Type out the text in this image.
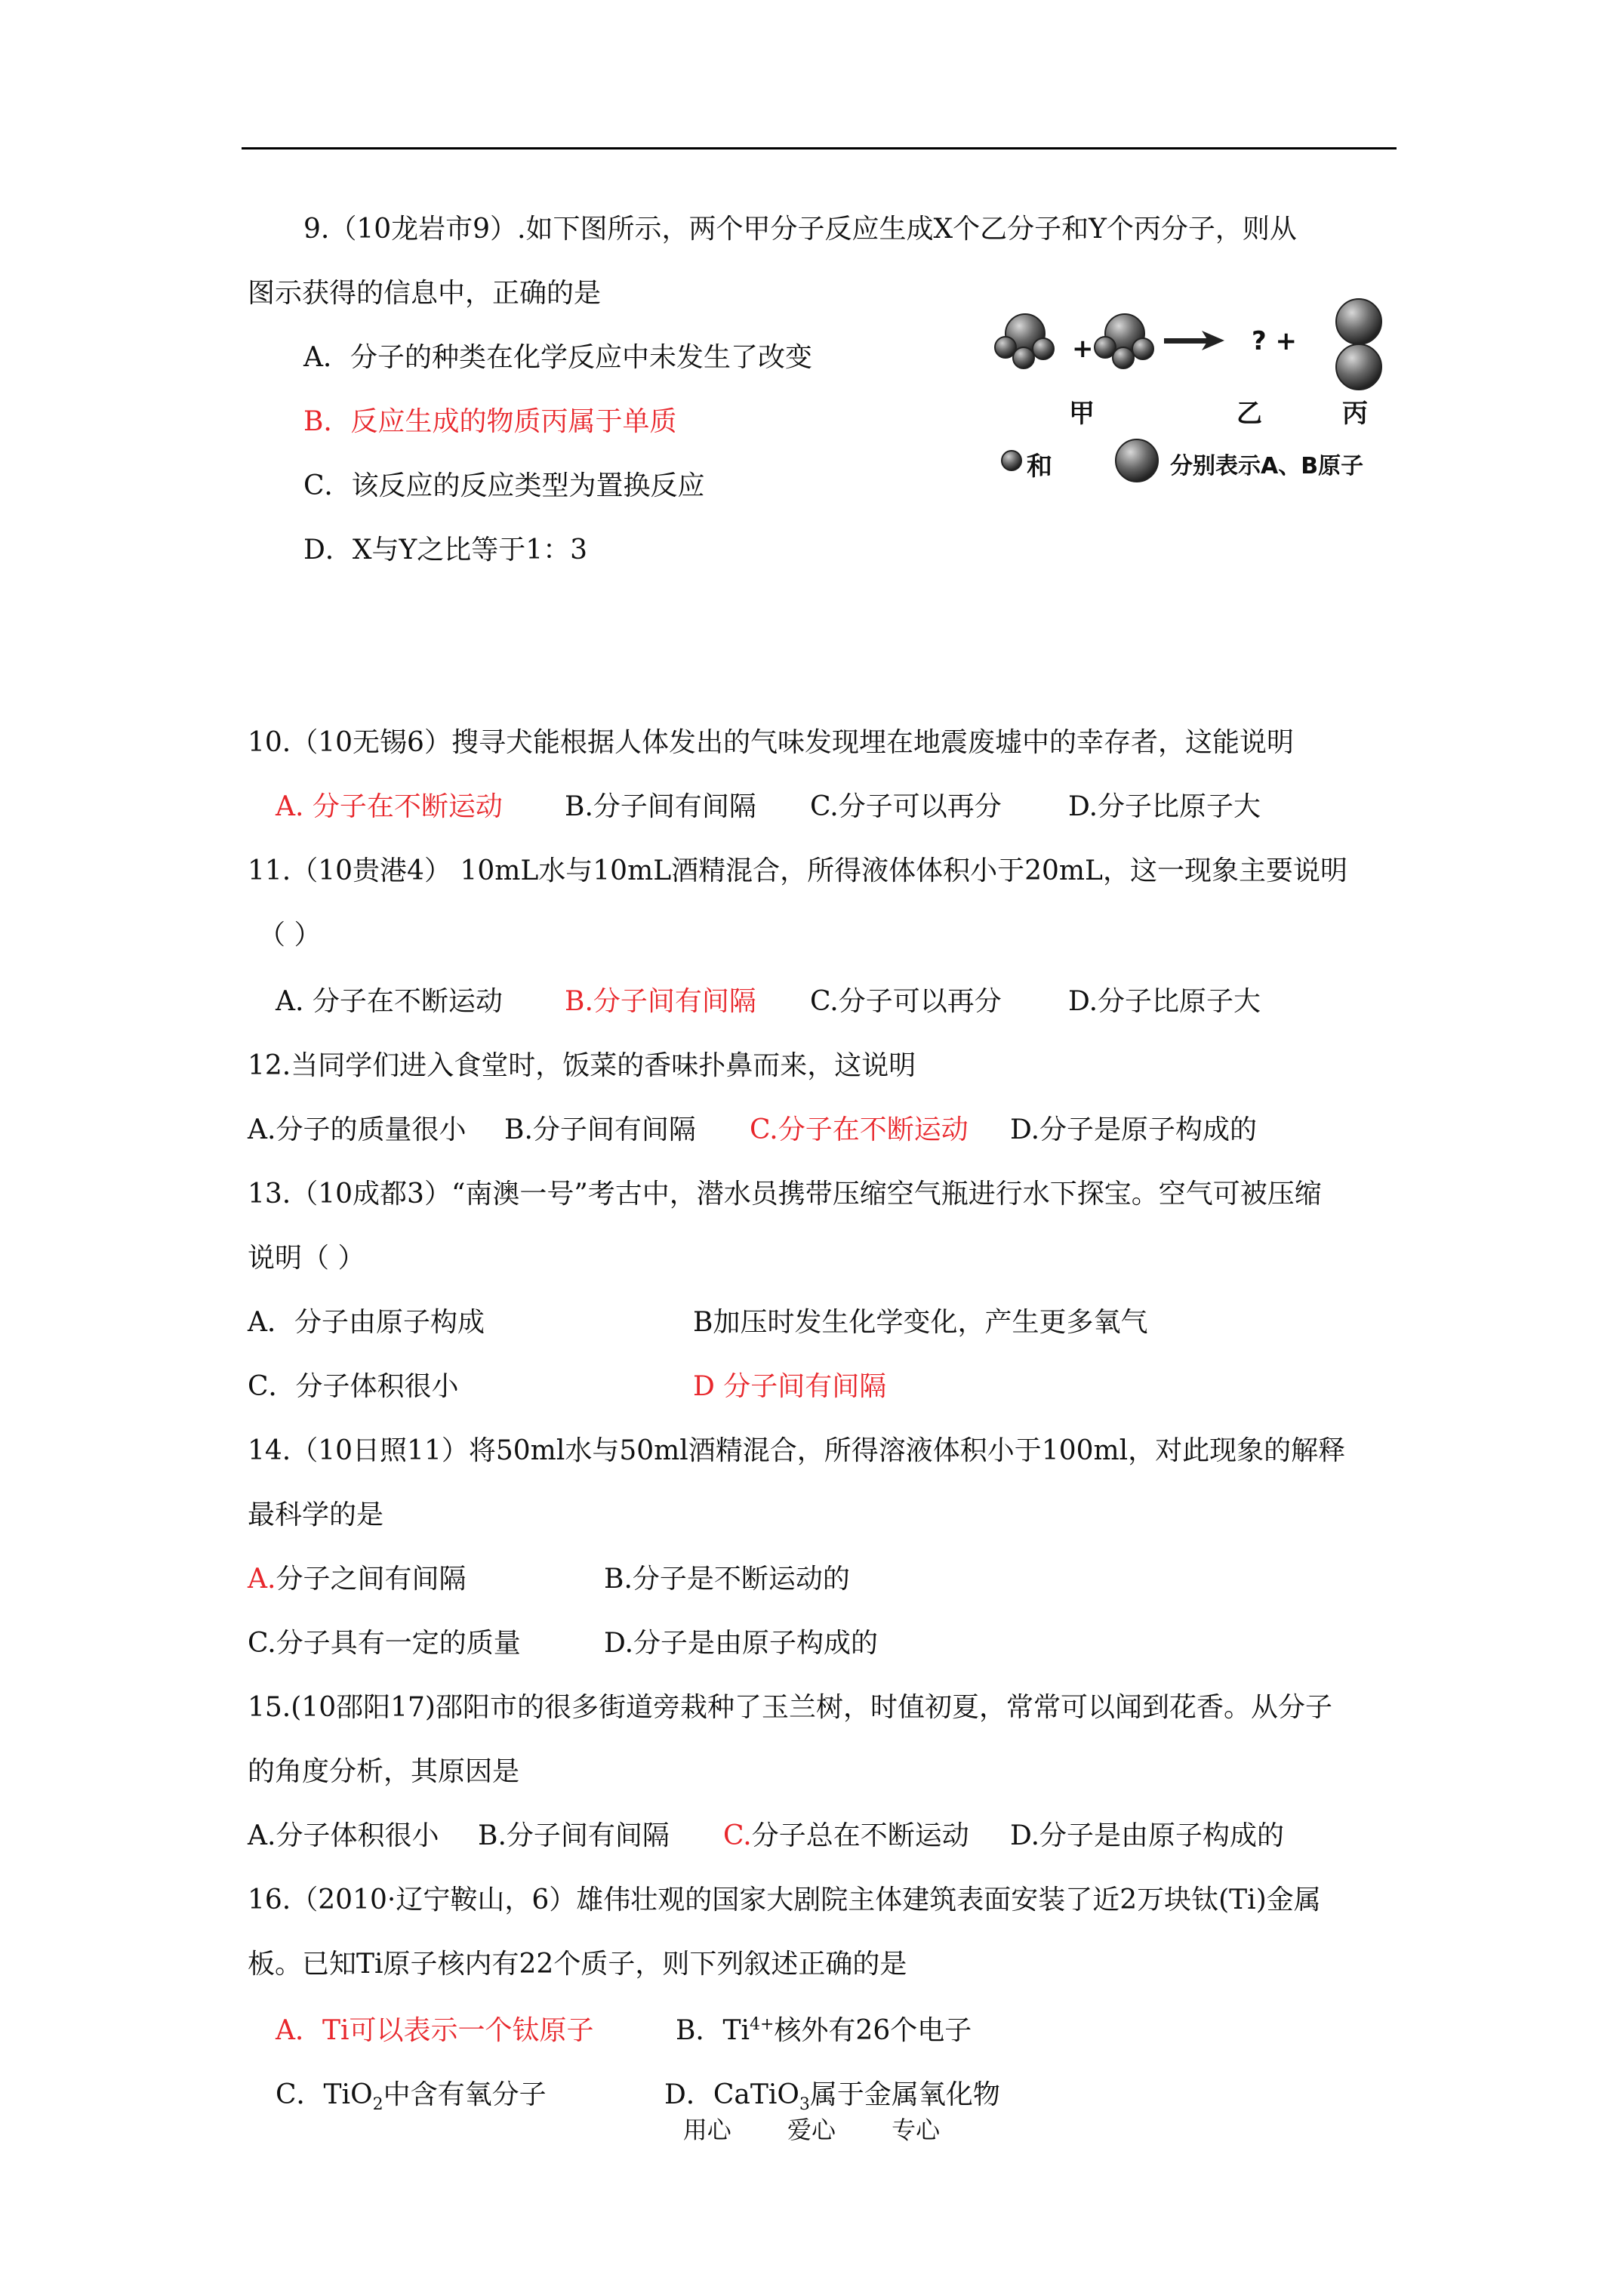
9.（10龙岩市9）.如下图所示，两个甲分子反应生成X个乙分子和Y个丙分子，则从
图示获得的信息中，正确的是
A．分子的种类在化学反应中未发生了改变
B．反应生成的物质丙属于单质
C．该反应的反应类型为置换反应
D．X与Y之比等于1：3
+	? +
甲	乙	丙
和	分别表示A、B原子
10.（10无锡6）搜寻犬能根据人体发出的气味发现埋在地震废墟中的幸存者，这能说明
A. 分子在不断运动 B.分子间有间隔 C.分子可以再分 D.分子比原子大
11.（10贵港4） 10mL水与10mL酒精混合，所得液体体积小于20mL，这一现象主要说明
（ ）
A. 分子在不断运动 B.分子间有间隔 C.分子可以再分 D.分子比原子大
12.当同学们进入食堂时，饭菜的香味扑鼻而来，这说明
A.分子的质量很小 B.分子间有间隔 C.分子在不断运动 D.分子是原子构成的
13.（10成都3）“南澳一号”考古中，潜水员携带压缩空气瓶进行水下探宝。空气可被压缩
说明（ ）
A．分子由原子构成	B加压时发生化学变化，产生更多氧气
C．分子体积很小	D 分子间有间隔
14.（10日照11）将50ml水与50ml酒精混合，所得溶液体积小于100ml，对此现象的解释
最科学的是
A.分子之间有间隔	B.分子是不断运动的
C.分子具有一定的质量	D.分子是由原子构成的
15.(10邵阳17)邵阳市的很多街道旁栽种了玉兰树，时值初夏，常常可以闻到花香。从分子
的角度分析，其原因是
A.分子体积很小 B.分子间有间隔 C.分子总在不断运动 D.分子是由原子构成的
16.（2010·辽宁鞍山，6）雄伟壮观的国家大剧院主体建筑表面安装了近2万块钛(Ti)金属
板。已知Ti原子核内有22个质子，则下列叙述正确的是
A．Ti可以表示一个钛原子	B．$Ti^{4+}$核外有26个电子
C．TiO$_2$中含有氧分子	D．CaTiO$_3$属于金属氧化物
用心 爱心 专心
